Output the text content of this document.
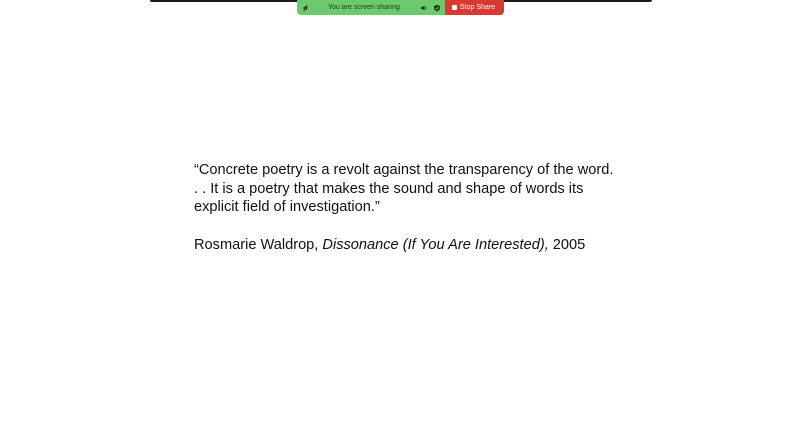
You are screen sharing	Stop Share

“Concrete poetry is a revolt against the transparency of the word.
. . It is a poetry that makes the sound and shape of words its
explicit field of investigation.”

Rosmarie Waldrop, Dissonance (If You Are Interested), 2005
